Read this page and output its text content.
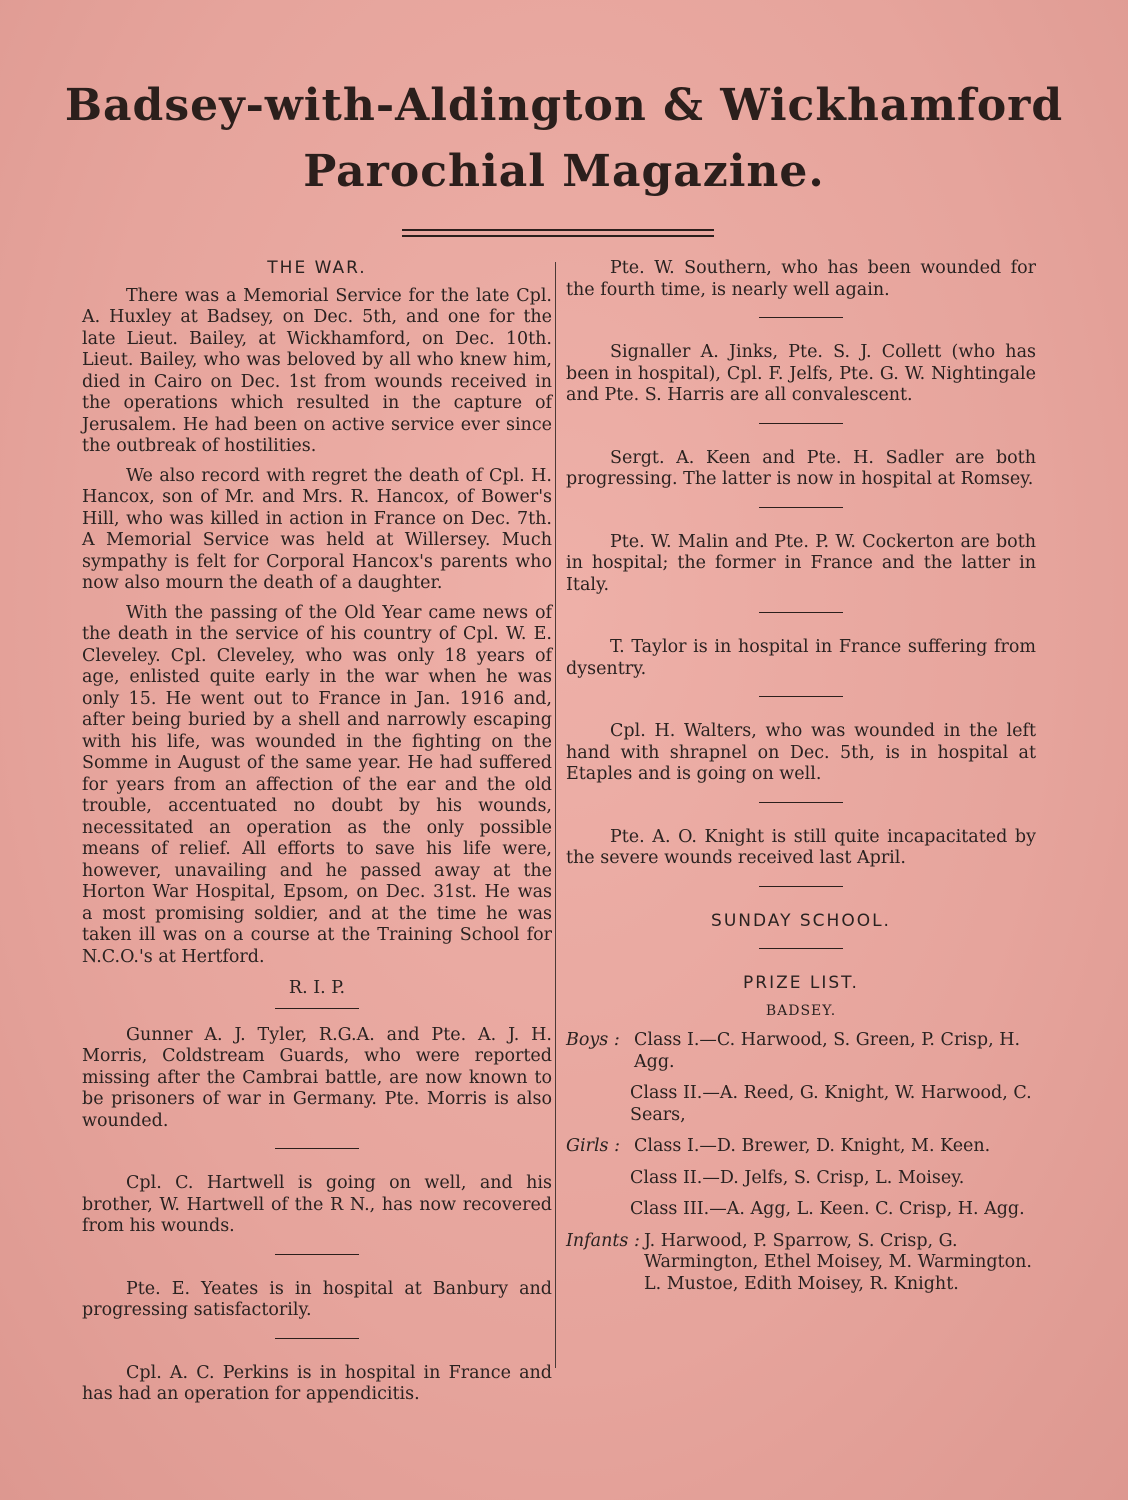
Badsey-with-Aldington & Wickhamford
Parochial Magazine.
THE WAR.

There was a Memorial Service for the late Cpl. A. Huxley at Badsey, on Dec. 5th, and one for the late Lieut. Bailey, at Wickhamford, on Dec. 10th. Lieut. Bailey, who was beloved by all who knew him, died in Cairo on Dec. 1st from wounds received in the operations which resulted in the capture of Jerusalem. He had been on active service ever since the outbreak of hostilities.

We also record with regret the death of Cpl. H. Hancox, son of Mr. and Mrs. R. Hancox, of Bower's Hill, who was killed in action in France on Dec. 7th. A Memorial Service was held at Willersey. Much sympathy is felt for Corporal Hancox's parents who now also mourn the death of a daughter.

With the passing of the Old Year came news of the death in the service of his country of Cpl. W. E. Cleveley. Cpl. Cleveley, who was only 18 years of age, enlisted quite early in the war when he was only 15. He went out to France in Jan. 1916 and, after being buried by a shell and narrowly escaping with his life, was wounded in the fighting on the Somme in August of the same year. He had suffered for years from an affection of the ear and the old trouble, accentuated no doubt by his wounds, necessitated an operation as the only possible means of relief. All efforts to save his life were, however, unavailing and he passed away at the Horton War Hospital, Epsom, on Dec. 31st. He was a most promising soldier, and at the time he was taken ill was on a course at the Training School for N.C.O.'s at Hertford.

R. I. P.

Gunner A. J. Tyler, R.G.A. and Pte. A. J. H. Morris, Coldstream Guards, who were reported missing after the Cambrai battle, are now known to be prisoners of war in Germany. Pte. Morris is also wounded.

Cpl. C. Hartwell is going on well, and his brother, W. Hartwell of the R N., has now recovered from his wounds.

Pte. E. Yeates is in hospital at Banbury and progressing satisfactorily.

Cpl. A. C. Perkins is in hospital in France and has had an operation for appendicitis.

Pte. W. Southern, who has been wounded for the fourth time, is nearly well again.

Signaller A. Jinks, Pte. S. J. Collett (who has been in hospital), Cpl. F. Jelfs, Pte. G. W. Nightingale and Pte. S. Harris are all convalescent.

Sergt. A. Keen and Pte. H. Sadler are both progressing. The latter is now in hospital at Romsey.

Pte. W. Malin and Pte. P. W. Cockerton are both in hospital; the former in France and the latter in Italy.

T. Taylor is in hospital in France suffering from dysentry.

Cpl. H. Walters, who was wounded in the left hand with shrapnel on Dec. 5th, is in hospital at Etaples and is going on well.

Pte. A. O. Knight is still quite incapacitated by the severe wounds received last April.

SUNDAY SCHOOL.
PRIZE LIST.
BADSEY.
Boys : Class I.—C. Harwood, S. Green, P. Crisp, H. Agg.
Class II.—A. Reed, G. Knight, W. Harwood, C. Sears,
Girls : Class I.—D. Brewer, D. Knight, M. Keen.
Class II.—D. Jelfs, S. Crisp, L. Moisey.
Class III.—A. Agg, L. Keen. C. Crisp, H. Agg.
Infants : J. Harwood, P. Sparrow, S. Crisp, G. Warmington, Ethel Moisey, M. Warmington. L. Mustoe, Edith Moisey, R. Knight.
